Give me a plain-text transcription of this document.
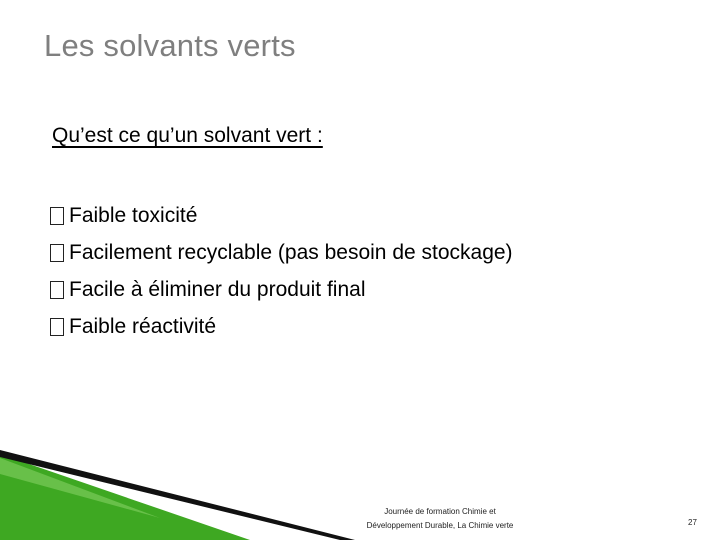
Les solvants verts
Qu’est ce qu’un solvant vert :
Faible toxicité
Facilement recyclable (pas besoin de stockage)
Facile à éliminer du produit final
Faible réactivité
Journée de formation Chimie et
Développement Durable, La Chimie verte	27
